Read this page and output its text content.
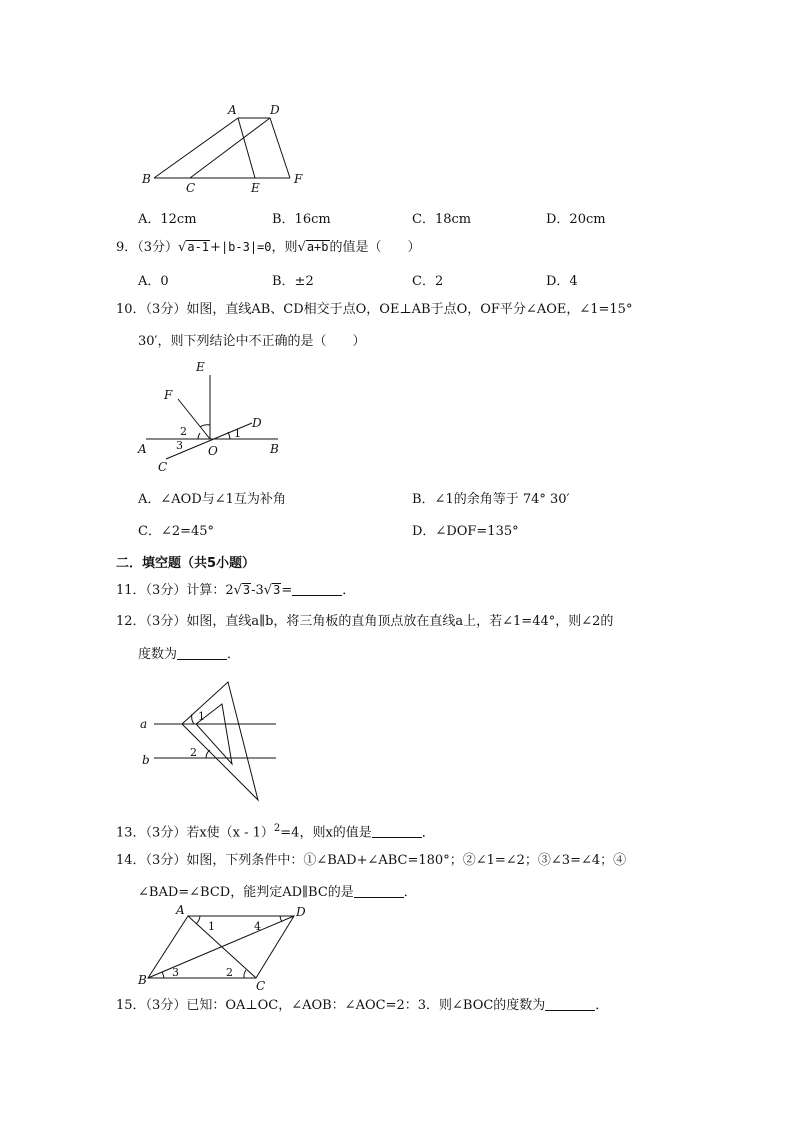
A	D
B
C	E
F
A．12cm	B．16cm	C．18cm	D．20cm
9．（3分）√a-1+|b-3|=0，则√a+b的值是（　　）
A．0	B．±2	C．2	D．4
10．（3分）如图，直线AB、CD相交于点O，OE⊥AB于点O，OF平分∠AOE，∠1=15°
30′，则下列结论中不正确的是（　　）
E
F
D
A	O	B
C
1
2
3
A．∠AOD与∠1互为补角	B．∠1的余角等于 74° 30′
C．∠2=45°	D．∠DOF=135°
二．填空题（共5小题）
11．（3分）计算：2√3-3√3=	．
12．（3分）如图，直线a∥b，将三角板的直角顶点放在直线a上，若∠1=44°，则∠2的
度数为	．
a
b
1
2
13．（3分）若x使（x - 1）$^2$=4，则x的值是	．
14．（3分）如图，下列条件中：①∠BAD+∠ABC=180°；②∠1=∠2；③∠3=∠4；④
∠BAD=∠BCD，能判定AD∥BC的是	．
A	D
B	C
1	4
3	2
15．（3分）已知：OA⊥OC，∠AOB：∠AOC=2：3．则∠BOC的度数为	．
